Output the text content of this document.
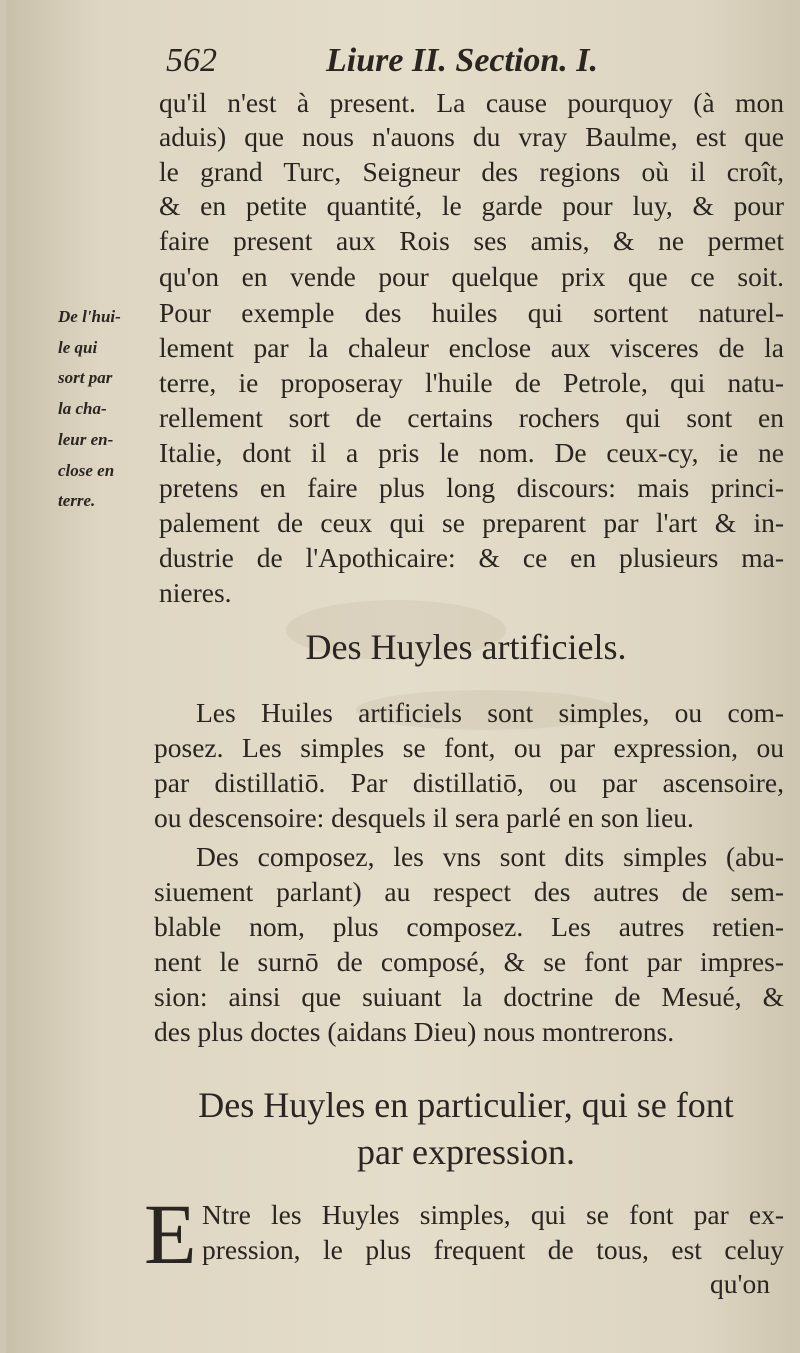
562	Liure II. Section. I.
qu'il n'est à present. La cause pourquoy (à mon
aduis) que nous n'auons du vray Baulme, est que
le grand Turc, Seigneur des regions où il croît,
& en petite quantité, le garde pour luy, & pour
faire present aux Rois ses amis, & ne permet
qu'on en vende pour quelque prix que ce soit.
Pour exemple des huiles qui sortent naturel-
lement par la chaleur enclose aux visceres de la
terre, ie proposeray l'huile de Petrole, qui natu-
rellement sort de certains rochers qui sont en
Italie, dont il a pris le nom. De ceux-cy, ie ne
pretens en faire plus long discours: mais princi-
palement de ceux qui se preparent par l'art & in-
dustrie de l'Apothicaire: & ce en plusieurs ma-
nieres.
De l'hui-
le qui
sort par
la cha-
leur en-
close en
terre.
Des Huyles artificiels.
Les Huiles artificiels sont simples, ou com-
posez. Les simples se font, ou par expression, ou
par distillatiō. Par distillatiō, ou par ascensoire,
ou descensoire: desquels il sera parlé en son lieu.
Des composez, les vns sont dits simples (abu-
siuement parlant) au respect des autres de sem-
blable nom, plus composez. Les autres retien-
nent le surnō de composé, & se font par impres-
sion: ainsi que suiuant la doctrine de Mesué, &
des plus doctes (aidans Dieu) nous montrerons.
Des Huyles en particulier, qui se font
par expression.
E Ntre les Huyles simples, qui se font par ex-
pression, le plus frequent de tous, est celuy
qu'on
